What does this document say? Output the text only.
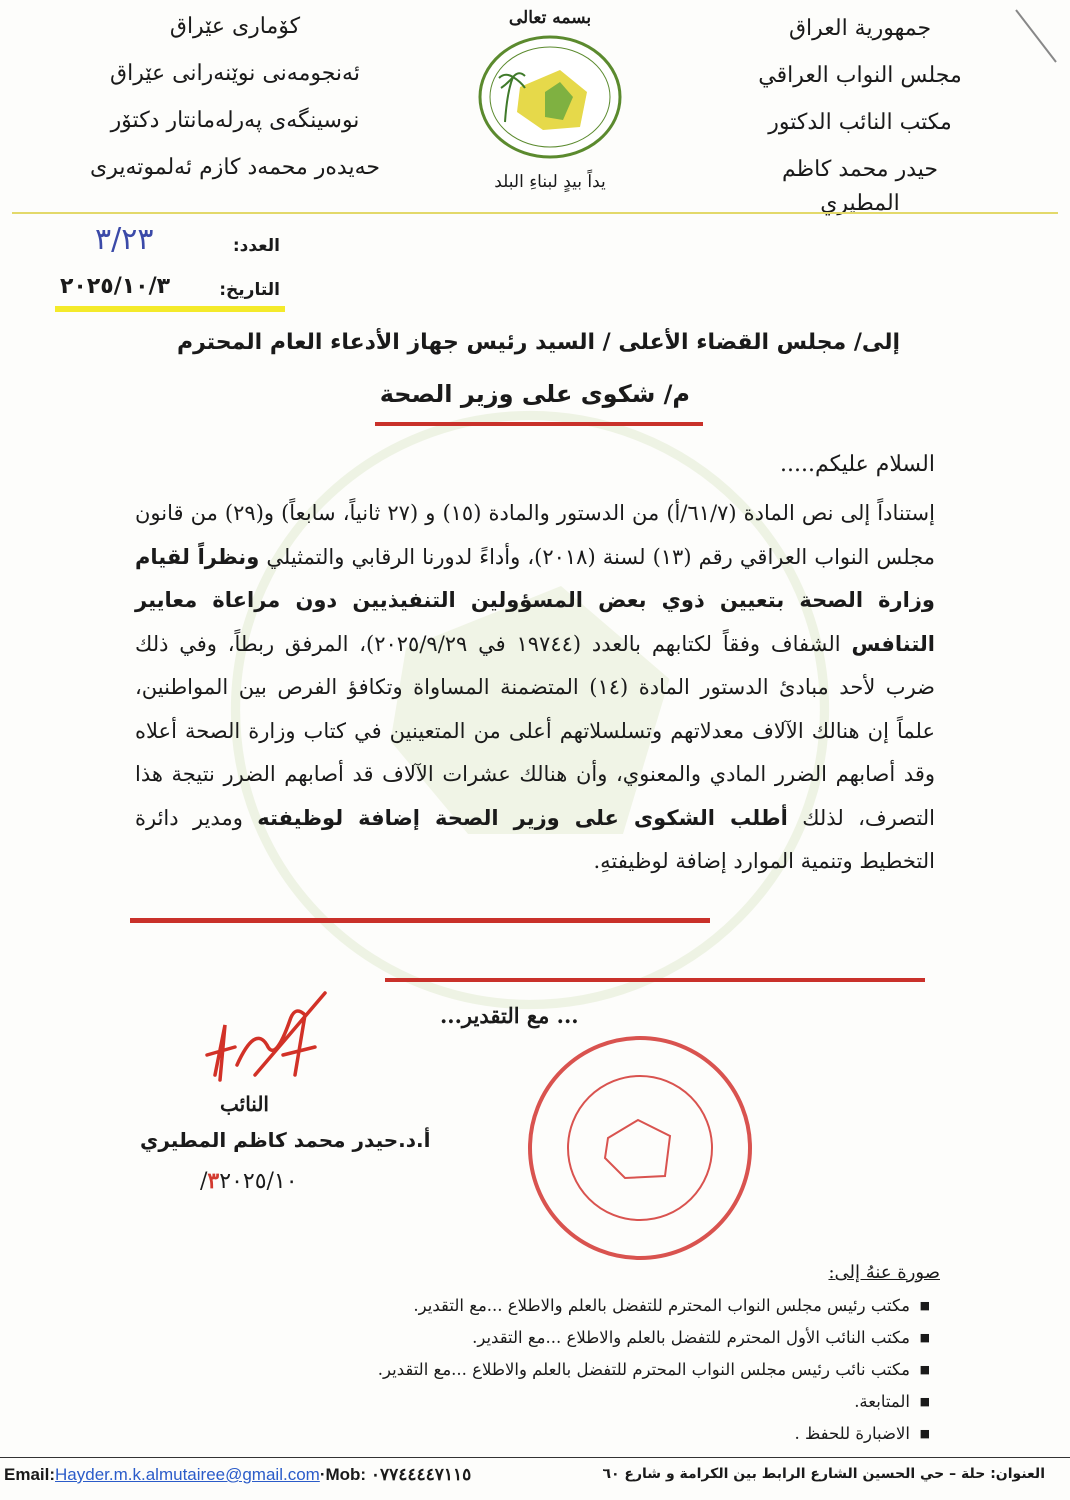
جمهورية العراق
مجلس النواب العراقي
مكتب النائب الدكتور
حيدر محمد كاظم المطيري
كۆمارى عێراق
ئەنجومەنى نوێنەرانى عێراق
نوسینگەی پەرلەمانتار دکتۆر
حەیدەر محمەد کازم ئەلموتەیری
بسمه تعالى
يداً بيدٍ لبناءِ البلد
العدد:
٣/٢٣
التاريخ:
٢٠٢٥/١٠/٣
إلى/ مجلس القضاء الأعلى / السيد رئيس جهاز الأدعاء العام المحترم
م/ شكوى على وزير الصحة
السلام عليكم.....
إستناداً إلى نص المادة (٦١/٧/أ) من الدستور والمادة (١٥) و (٢٧ ثانياً، سابعاً) و(٢٩) من قانون مجلس النواب العراقي رقم (١٣) لسنة (٢٠١٨)، وأداءً لدورنا الرقابي والتمثيلي ونظراً لقيام وزارة الصحة بتعيين ذوي بعض المسؤولين التنفيذيين دون مراعاة معايير التنافس الشفاف وفقاً لكتابهم بالعدد (١٩٧٤٤ في ٢٠٢٥/٩/٢٩)، المرفق ربطاً، وفي ذلك ضرب لأحد مبادئ الدستور المادة (١٤) المتضمنة المساواة وتكافؤ الفرص بين المواطنين، علماً إن هنالك الآلاف معدلاتهم وتسلسلاتهم أعلى من المتعينين في كتاب وزارة الصحة أعلاه وقد أصابهم الضرر المادي والمعنوي، وأن هنالك عشرات الآلاف قد أصابهم الضرر نتيجة هذا التصرف، لذلك أطلب الشكوى على وزير الصحة إضافة لوظيفته ومدير دائرة التخطيط وتنمية الموارد إضافة لوظيفتهِ.
... مع التقدير...
النائب
أ.د.حيدر محمد كاظم المطيري
٣٢٠٢٥/١٠/
صورة عنهُ إلى:
■ مكتب رئيس مجلس النواب المحترم للتفضل بالعلم والاطلاع ...مع التقدير.
■ مكتب النائب الأول المحترم للتفضل بالعلم والاطلاع ...مع التقدير.
■ مكتب نائب رئيس مجلس النواب المحترم للتفضل بالعلم والاطلاع ...مع التقدير.
■ المتابعة.
■ الاضبارة للحفظ .
Email:Hayder.m.k.almutairee@gmail.com·Mob: ٠٧٧٤٤٤٤٧١١٥	العنوان: حلة – حي الحسين الشارع الرابط بين الكرامة و شارع ٦٠
